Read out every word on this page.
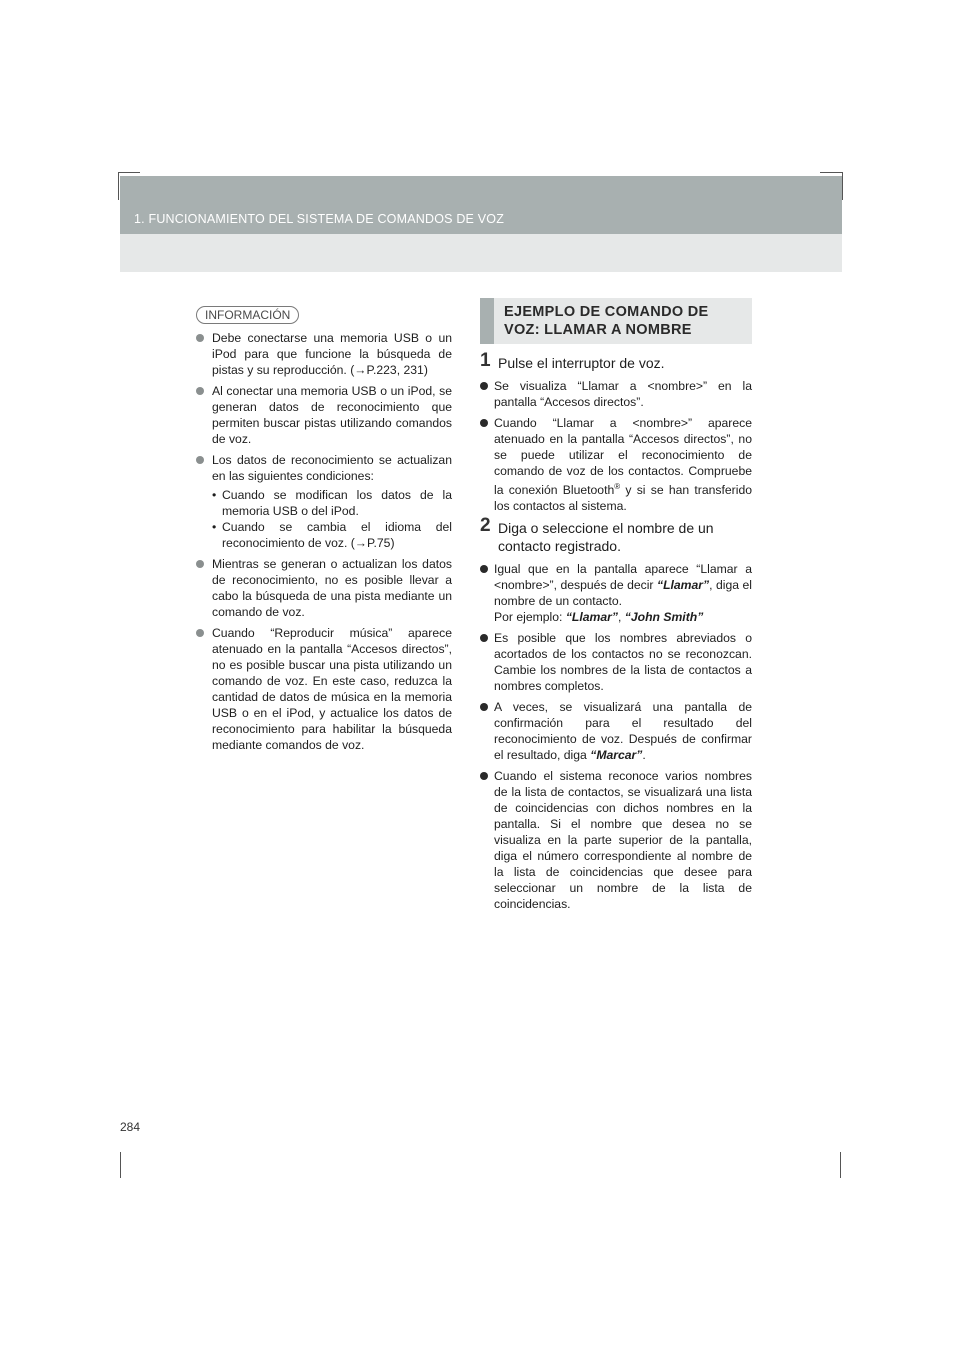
1. FUNCIONAMIENTO DEL SISTEMA DE COMANDOS DE VOZ
INFORMACIÓN
Debe conectarse una memoria USB o un iPod para que funcione la búsqueda de pistas y su reproducción. (→P.223, 231)
Al conectar una memoria USB o un iPod, se generan datos de reconocimiento que permiten buscar pistas utilizando comandos de voz.
Los datos de reconocimiento se actualizan en las siguientes condiciones:
• Cuando se modifican los datos de la memoria USB o del iPod.
• Cuando se cambia el idioma del reconocimiento de voz. (→P.75)
Mientras se generan o actualizan los datos de reconocimiento, no es posible llevar a cabo la búsqueda de una pista mediante un comando de voz.
Cuando “Reproducir música” aparece atenuado en la pantalla “Accesos directos”, no es posible buscar una pista utilizando un comando de voz. En este caso, reduzca la cantidad de datos de música en la memoria USB o en el iPod, y actualice los datos de reconocimiento para habilitar la búsqueda mediante comandos de voz.
EJEMPLO DE COMANDO DE
VOZ: LLAMAR A NOMBRE
1 Pulse el interruptor de voz.
Se visualiza “Llamar a <nombre>” en la pantalla “Accesos directos”.
Cuando “Llamar a <nombre>” aparece atenuado en la pantalla “Accesos directos”, no se puede utilizar el reconocimiento de comando de voz de los contactos. Compruebe la conexión Bluetooth® y si se han transferido los contactos al sistema.
2 Diga o seleccione el nombre de un contacto registrado.
Igual que en la pantalla aparece “Llamar a <nombre>”, después de decir “Llamar”, diga el nombre de un contacto.
Por ejemplo: “Llamar”, “John Smith”
Es posible que los nombres abreviados o acortados de los contactos no se reconozcan. Cambie los nombres de la lista de contactos a nombres completos.
A veces, se visualizará una pantalla de confirmación para el resultado del reconocimiento de voz. Después de confirmar el resultado, diga “Marcar”.
Cuando el sistema reconoce varios nombres de la lista de contactos, se visualizará una lista de coincidencias con dichos nombres en la pantalla. Si el nombre que desea no se visualiza en la parte superior de la pantalla, diga el número correspondiente al nombre de la lista de coincidencias que desee para seleccionar un nombre de la lista de coincidencias.
284
